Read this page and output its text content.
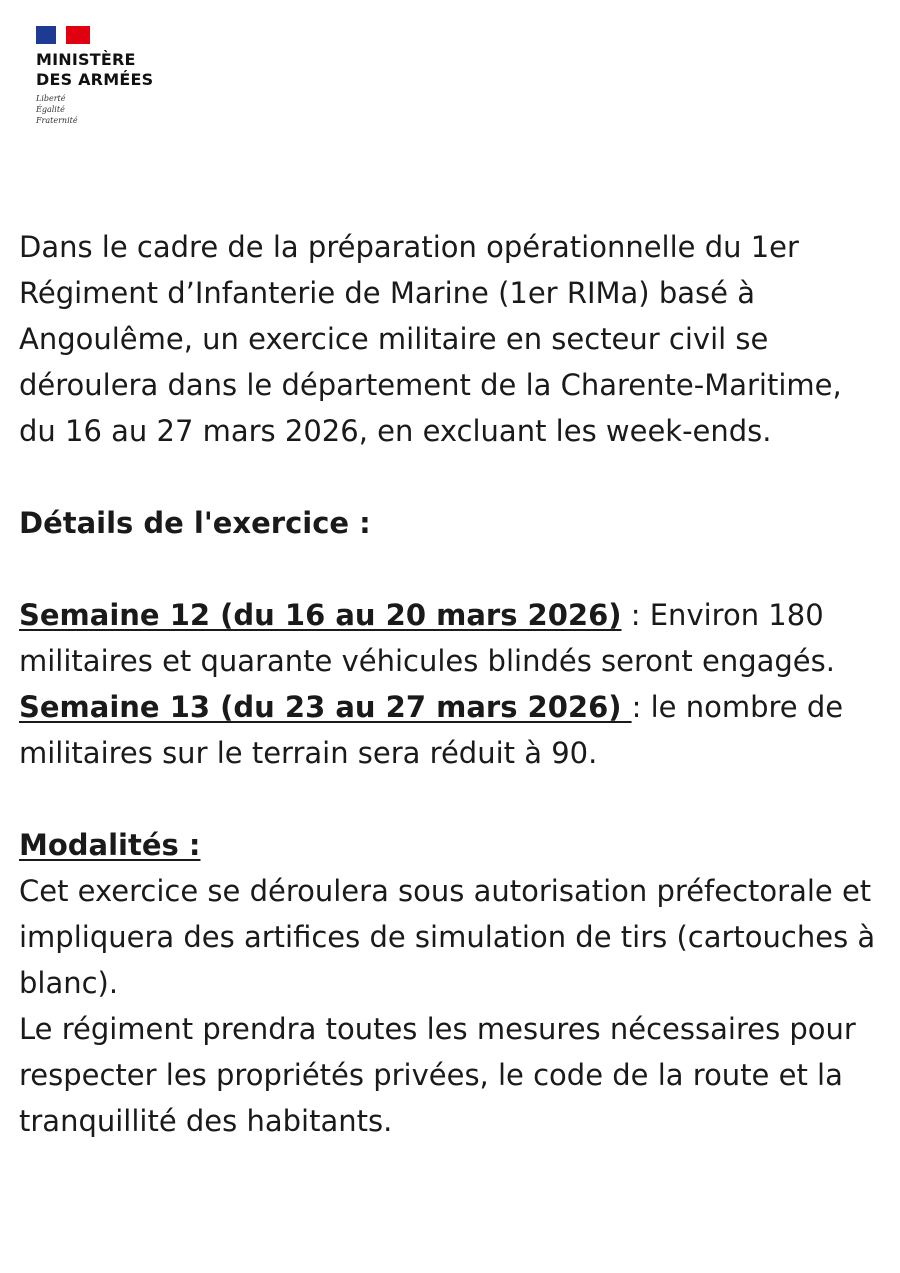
MINISTÈRE
DES ARMÉES
Liberté
Égalité
Fraternité

Dans le cadre de la préparation opérationnelle du 1er Régiment d’Infanterie de Marine (1er RIMa) basé à Angoulême, un exercice militaire en secteur civil se déroulera dans le département de la Charente-Maritime, du 16 au 27 mars 2026, en excluant les week-ends.

Détails de l'exercice :

Semaine 12 (du 16 au 20 mars 2026) : Environ 180 militaires et quarante véhicules blindés seront engagés.

Semaine 13 (du 23 au 27 mars 2026) : le nombre de militaires sur le terrain sera réduit à 90.

Modalités :

Cet exercice se déroulera sous autorisation préfectorale et impliquera des artifices de simulation de tirs (cartouches à blanc).

Le régiment prendra toutes les mesures nécessaires pour respecter les propriétés privées, le code de la route et la tranquillité des habitants.
